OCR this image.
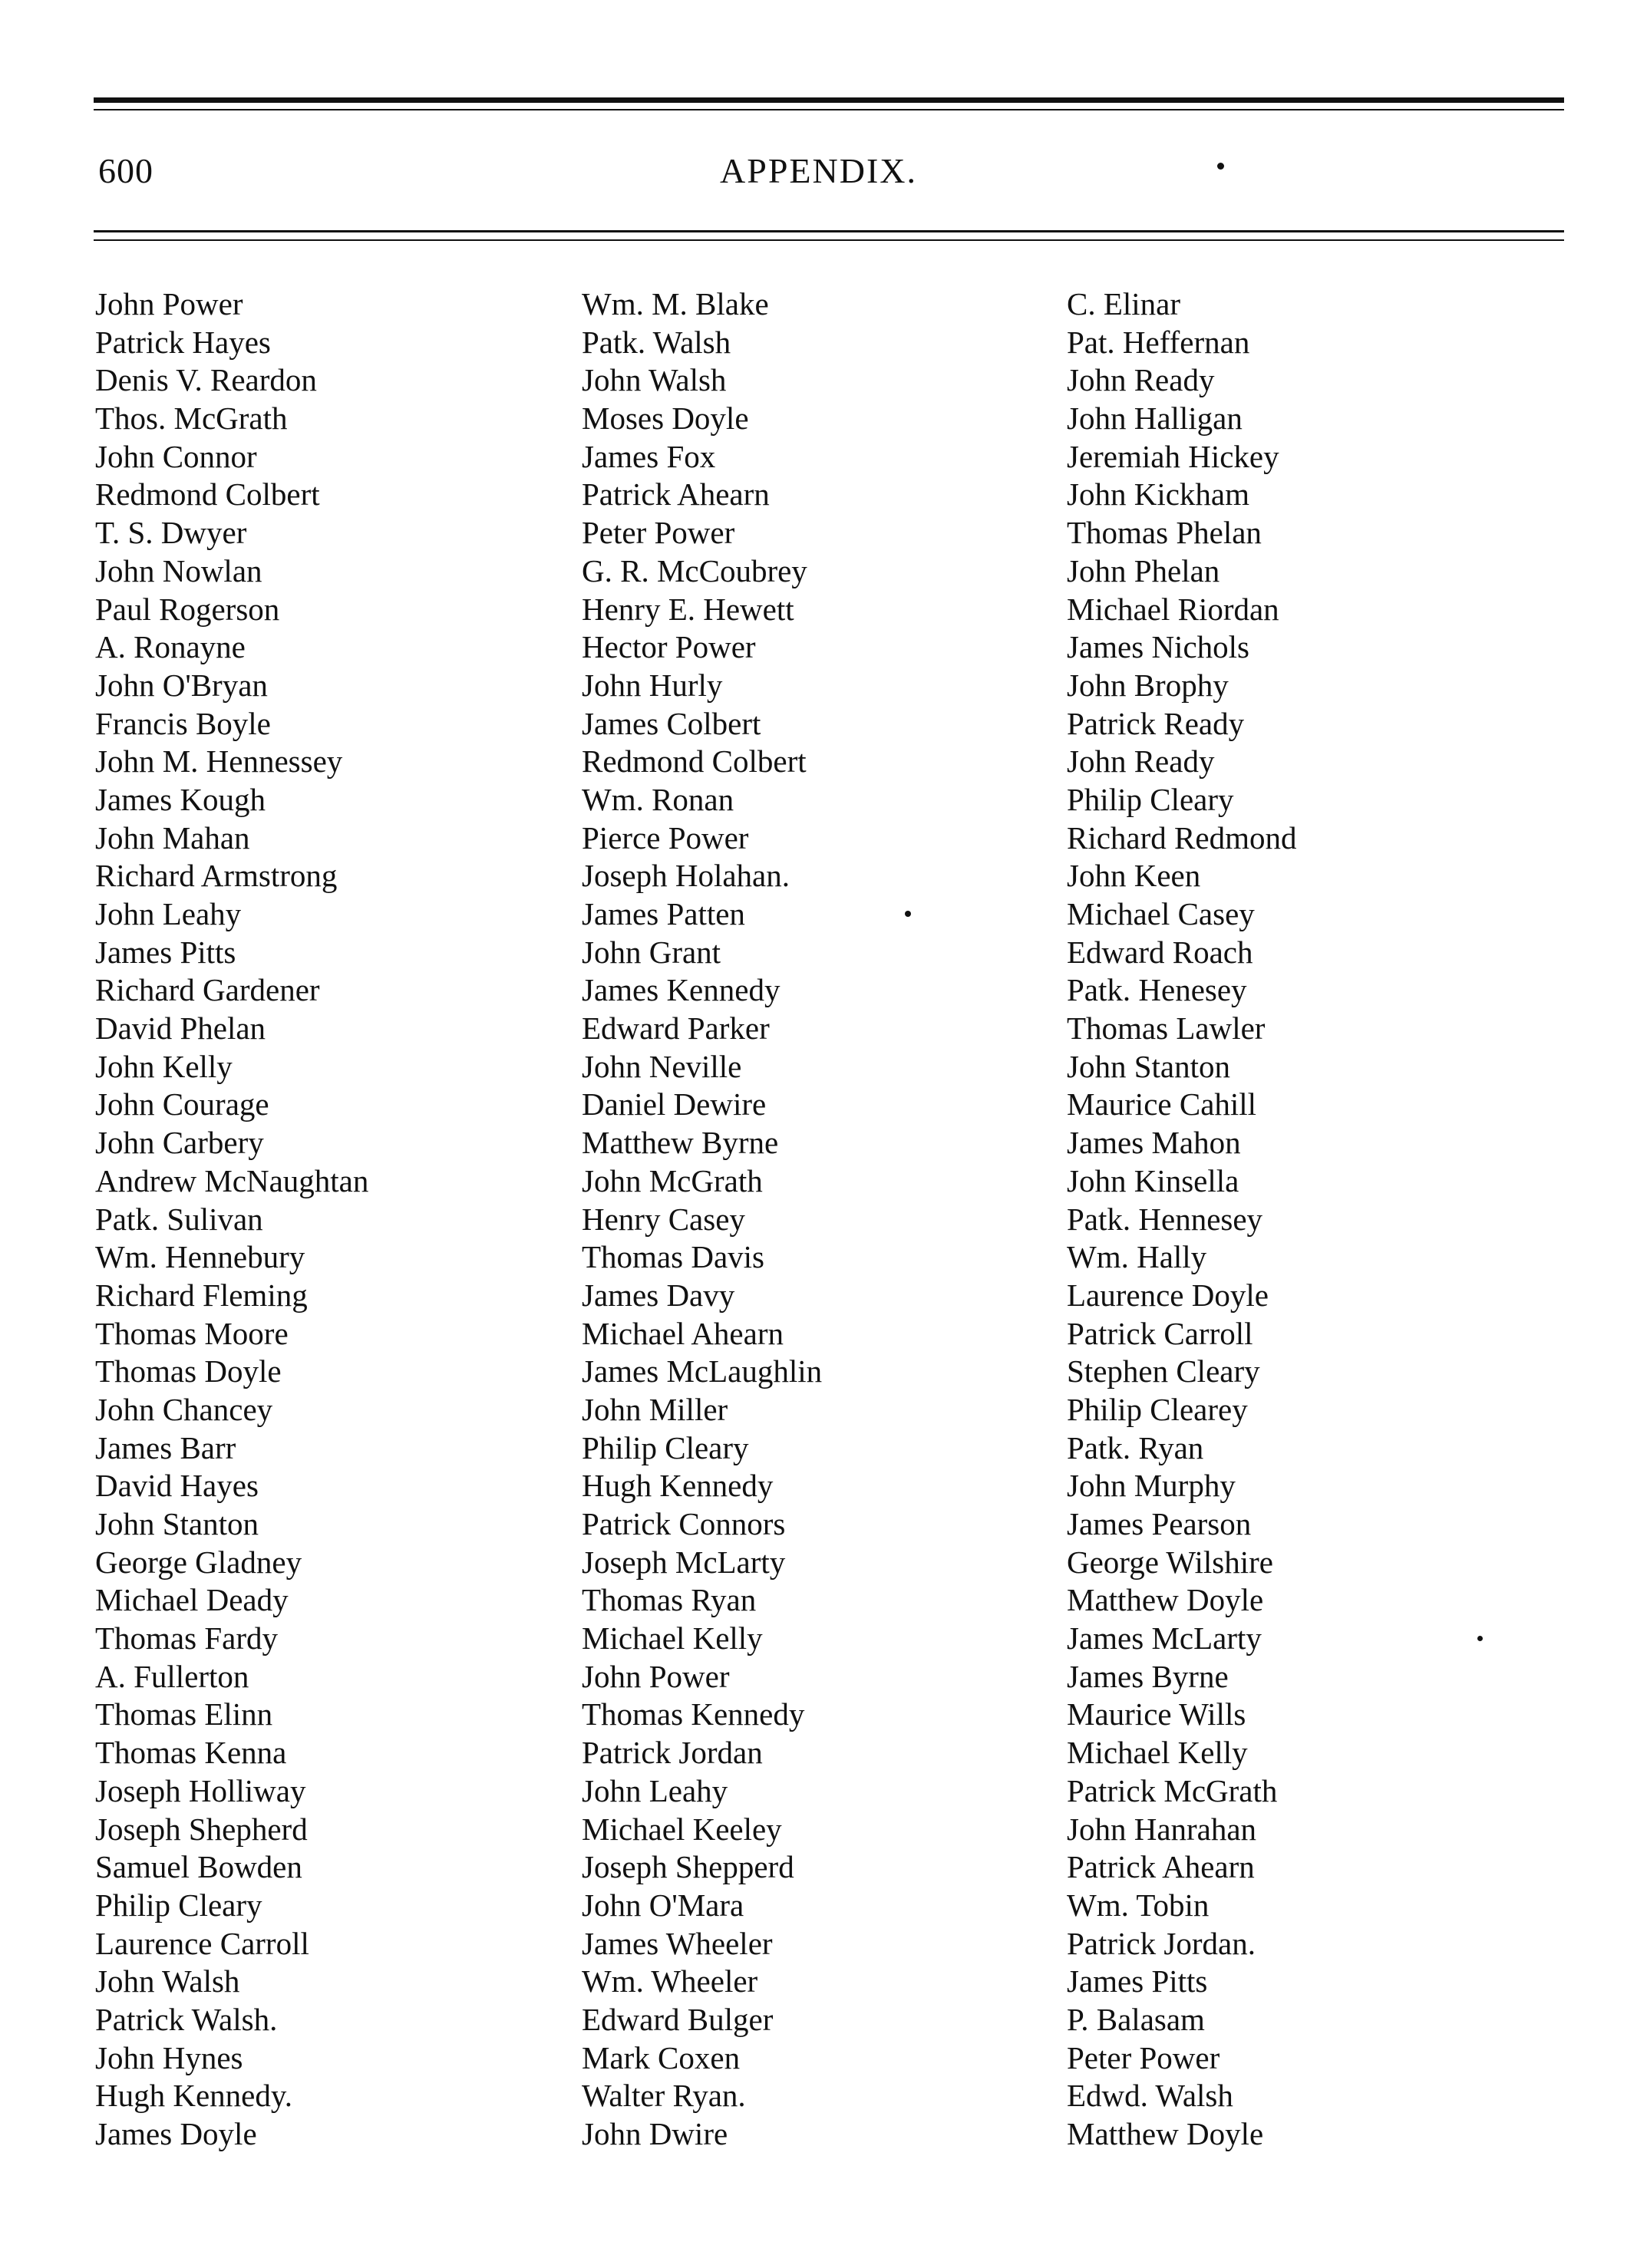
600	APPENDIX.
John Power
Patrick Hayes
Denis V. Reardon
Thos. McGrath
John Connor
Redmond Colbert
T. S. Dwyer
John Nowlan
Paul Rogerson
A. Ronayne
John O'Bryan
Francis Boyle
John M. Hennessey
James Kough
John Mahan
Richard Armstrong
John Leahy
James Pitts
Richard Gardener
David Phelan
John Kelly
John Courage
John Carbery
Andrew McNaughtan
Patk. Sulivan
Wm. Hennebury
Richard Fleming
Thomas Moore
Thomas Doyle
John Chancey
James Barr
David Hayes
John Stanton
George Gladney
Michael Deady
Thomas Fardy
A. Fullerton
Thomas Elinn
Thomas Kenna
Joseph Holliway
Joseph Shepherd
Samuel Bowden
Philip Cleary
Laurence Carroll
John Walsh
Patrick Walsh.
John Hynes
Hugh Kennedy.
James Doyle
Wm. M. Blake
Patk. Walsh
John Walsh
Moses Doyle
James Fox
Patrick Ahearn
Peter Power
G. R. McCoubrey
Henry E. Hewett
Hector Power
John Hurly
James Colbert
Redmond Colbert
Wm. Ronan
Pierce Power
Joseph Holahan.
James Patten
John Grant
James Kennedy
Edward Parker
John Neville
Daniel Dewire
Matthew Byrne
John McGrath
Henry Casey
Thomas Davis
James Davy
Michael Ahearn
James McLaughlin
John Miller
Philip Cleary
Hugh Kennedy
Patrick Connors
Joseph McLarty
Thomas Ryan
Michael Kelly
John Power
Thomas Kennedy
Patrick Jordan
John Leahy
Michael Keeley
Joseph Shepperd
John O'Mara
James Wheeler
Wm. Wheeler
Edward Bulger
Mark Coxen
Walter Ryan.
John Dwire
C. Elinar
Pat. Heffernan
John Ready
John Halligan
Jeremiah Hickey
John Kickham
Thomas Phelan
John Phelan
Michael Riordan
James Nichols
John Brophy
Patrick Ready
John Ready
Philip Cleary
Richard Redmond
John Keen
Michael Casey
Edward Roach
Patk. Henesey
Thomas Lawler
John Stanton
Maurice Cahill
James Mahon
John Kinsella
Patk. Hennesey
Wm. Hally
Laurence Doyle
Patrick Carroll
Stephen Cleary
Philip Clearey
Patk. Ryan
John Murphy
James Pearson
George Wilshire
Matthew Doyle
James McLarty
James Byrne
Maurice Wills
Michael Kelly
Patrick McGrath
John Hanrahan
Patrick Ahearn
Wm. Tobin
Patrick Jordan.
James Pitts
P. Balasam
Peter Power
Edwd. Walsh
Matthew Doyle
